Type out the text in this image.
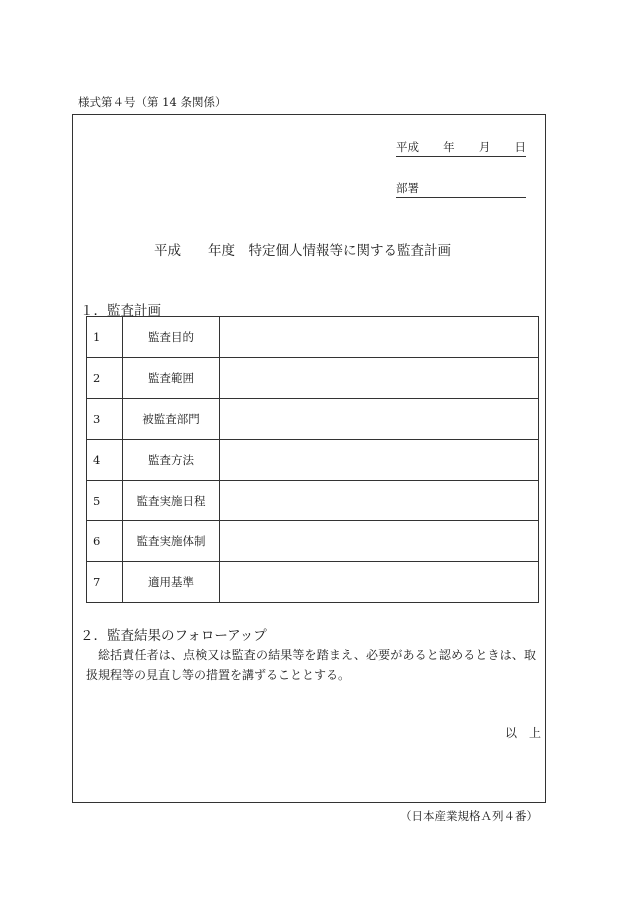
様式第４号（第 14 条関係）
平成 年 月 日
部署
平成　　年度　特定個人情報等に関する監査計画
１．監査計画
1	監査目的	
2	監査範囲	
3	被監査部門	
4	監査方法	
5	監査実施日程	
6	監査実施体制	
7	適用基準	
２．監査結果のフォローアップ
総括責任者は、点検又は監査の結果等を踏まえ、必要があると認めるときは、取扱規程等の見直し等の措置を講ずることとする。
以　上
（日本産業規格Ａ列４番）
